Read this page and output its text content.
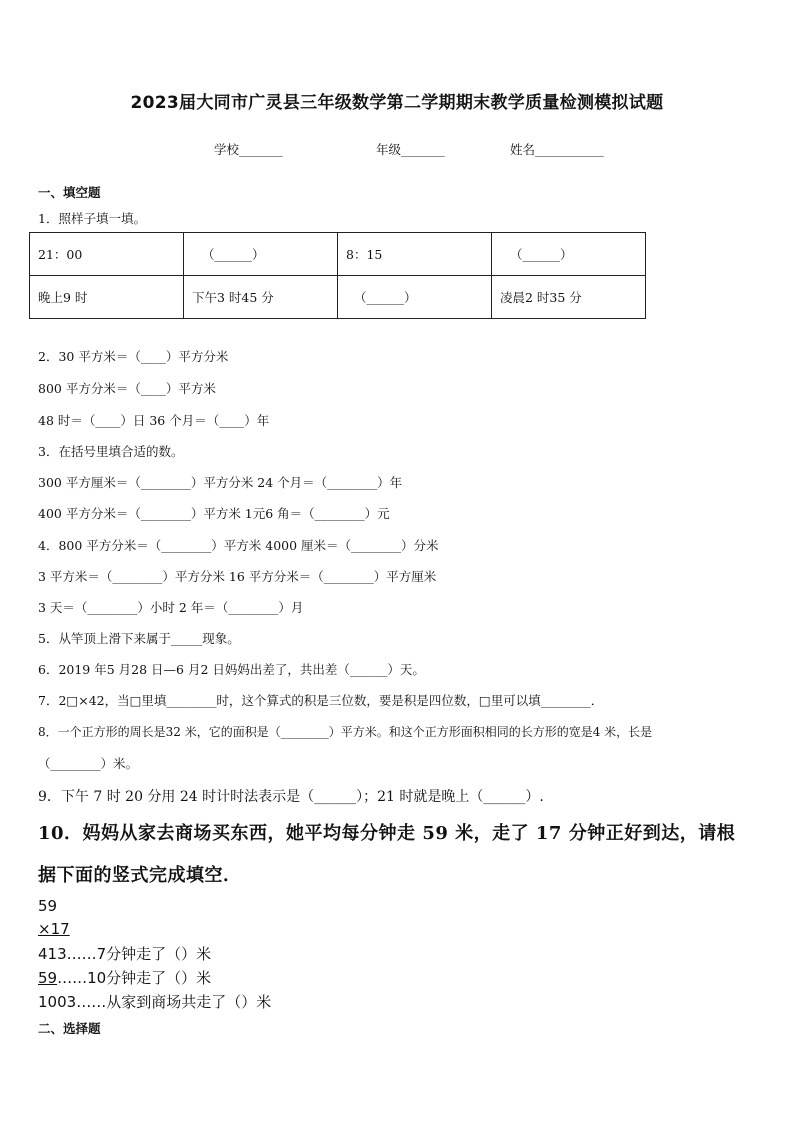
2023届大同市广灵县三年级数学第二学期期末教学质量检测模拟试题
学校_______	年级_______	姓名___________
一、填空题
1．照样子填一填。
21：00	（______）	8：15	（______）
晚上9 时	下午3 时45 分	（______）	凌晨2 时35 分
2．30 平方米＝（____）平方分米
800 平方分米＝（____）平方米
48 时＝（____）日 36 个月＝（____）年
3．在括号里填合适的数。
300 平方厘米＝（________）平方分米 24 个月＝（________）年
400 平方分米＝（________）平方米 1元6 角＝（________）元
4．800 平方分米＝（________）平方米 4000 厘米＝（________）分米
3 平方米＝（________）平方分米 16 平方分米＝（________）平方厘米
3 天＝（________）小时 2 年＝（________）月
5．从竿顶上滑下来属于_____现象。
6．2019 年5 月28 日—6 月2 日妈妈出差了，共出差（______）天。
7．2□×42，当□里填________时，这个算式的积是三位数，要是积是四位数，□里可以填________．
8．一个正方形的周长是32 米，它的面积是（________）平方米。和这个正方形面积相同的长方形的宽是4 米，长是
（________）米。
9．下午 7 时 20 分用 24 时计时法表示是（______）；21 时就是晚上（______）.
10．妈妈从家去商场买东西，她平均每分钟走 59 米，走了 17 分钟正好到达，请根
据下面的竖式完成填空．
59
×17
413……7分钟走了（）米
59……10分钟走了（）米
1003……从家到商场共走了（）米
二、选择题
